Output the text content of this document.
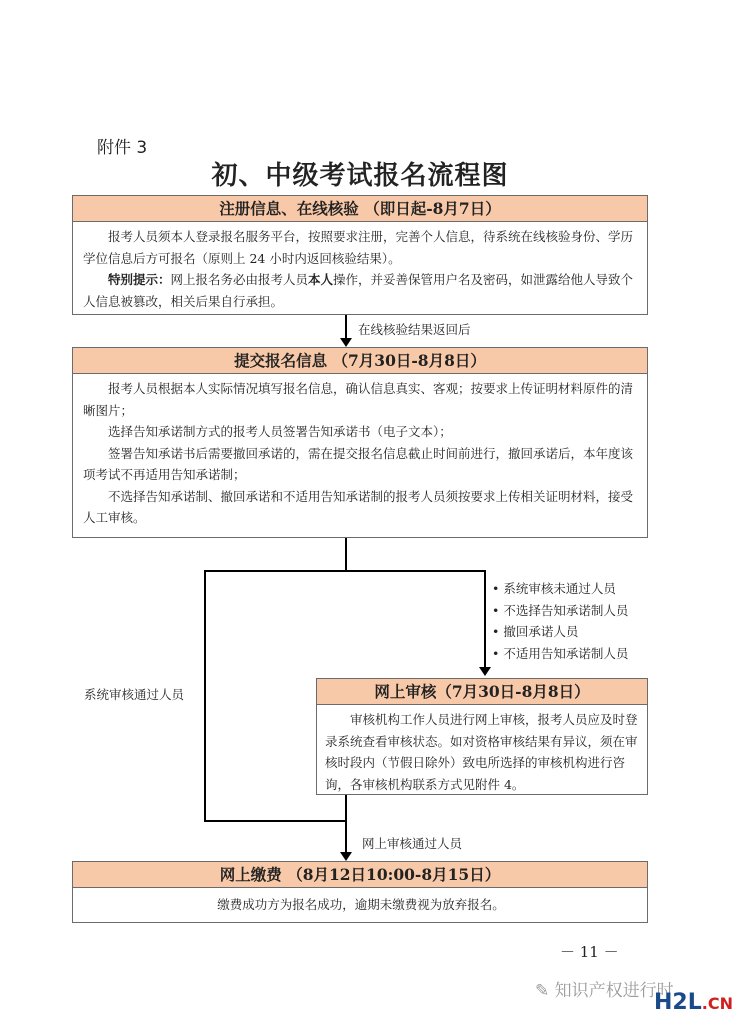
附件 3
初、中级考试报名流程图
注册信息、在线核验 （即日起-8月7日）

报考人员须本人登录报名服务平台，按照要求注册，完善个人信息，待系统在线核验身份、学历学位信息后方可报名（原则上 24 小时内返回核验结果）。

特别提示：网上报名务必由报考人员本人操作，并妥善保管用户名及密码，如泄露给他人导致个人信息被篡改，相关后果自行承担。

在线核验结果返回后
提交报名信息 （7月30日-8月8日）

报考人员根据本人实际情况填写报名信息，确认信息真实、客观；按要求上传证明材料原件的清晰图片；

选择告知承诺制方式的报考人员签署告知承诺书（电子文本）；

签署告知承诺书后需要撤回承诺的，需在提交报名信息截止时间前进行，撤回承诺后，本年度该项考试不再适用告知承诺制；

不选择告知承诺制、撤回承诺和不适用告知承诺制的报考人员须按要求上传相关证明材料，接受人工审核。

• 系统审核未通过人员
• 不选择告知承诺制人员
• 撤回承诺人员
• 不适用告知承诺制人员
系统审核通过人员	网上审核（7月30日-8月8日）

审核机构工作人员进行网上审核，报考人员应及时登录系统查看审核状态。如对资格审核结果有异议，须在审核时段内（节假日除外）致电所选择的审核机构进行咨询，各审核机构联系方式见附件 4。

网上审核通过人员
网上缴费 （8月12日10:00-8月15日）
缴费成功方为报名成功，逾期未缴费视为放弃报名。
－ 11 －
✎ 知识产权进行时
H2L.CN
